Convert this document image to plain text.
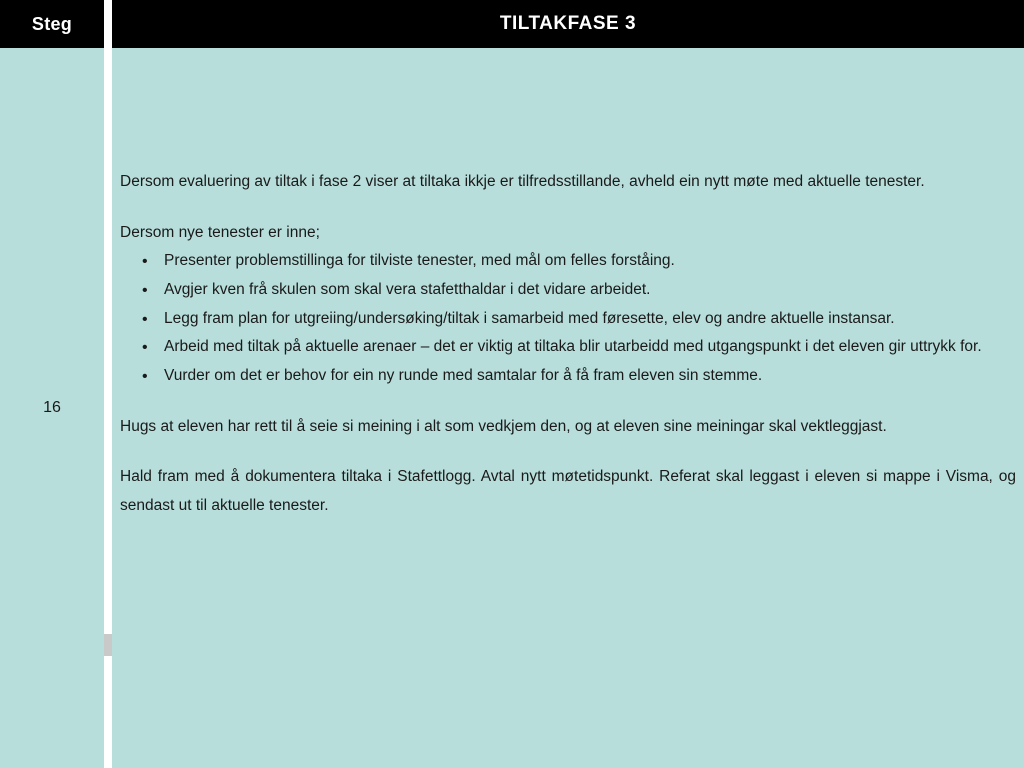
Steg	TILTAKFASE 3
16

Dersom evaluering av tiltak i fase 2 viser at tiltaka ikkje er tilfredsstillande, avheld ein nytt møte med aktuelle tenester.

Dersom nye tenester er inne;

• Presenter problemstillinga for tilviste tenester, med mål om felles forståing.
• Avgjer kven frå skulen som skal vera stafetthaldar i det vidare arbeidet.
• Legg fram plan for utgreiing/undersøking/tiltak i samarbeid med føresette, elev og andre aktuelle instansar.
• Arbeid med tiltak på aktuelle arenaer – det er viktig at tiltaka blir utarbeidd med utgangspunkt i det eleven gir uttrykk for.
• Vurder om det er behov for ein ny runde med samtalar for å få fram eleven sin stemme.

Hugs at eleven har rett til å seie si meining i alt som vedkjem den, og at eleven sine meiningar skal vektleggjast.

Hald fram med å dokumentera tiltaka i Stafettlogg. Avtal nytt møtetidspunkt. Referat skal leggast i eleven si mappe i Visma, og sendast ut til aktuelle tenester.
